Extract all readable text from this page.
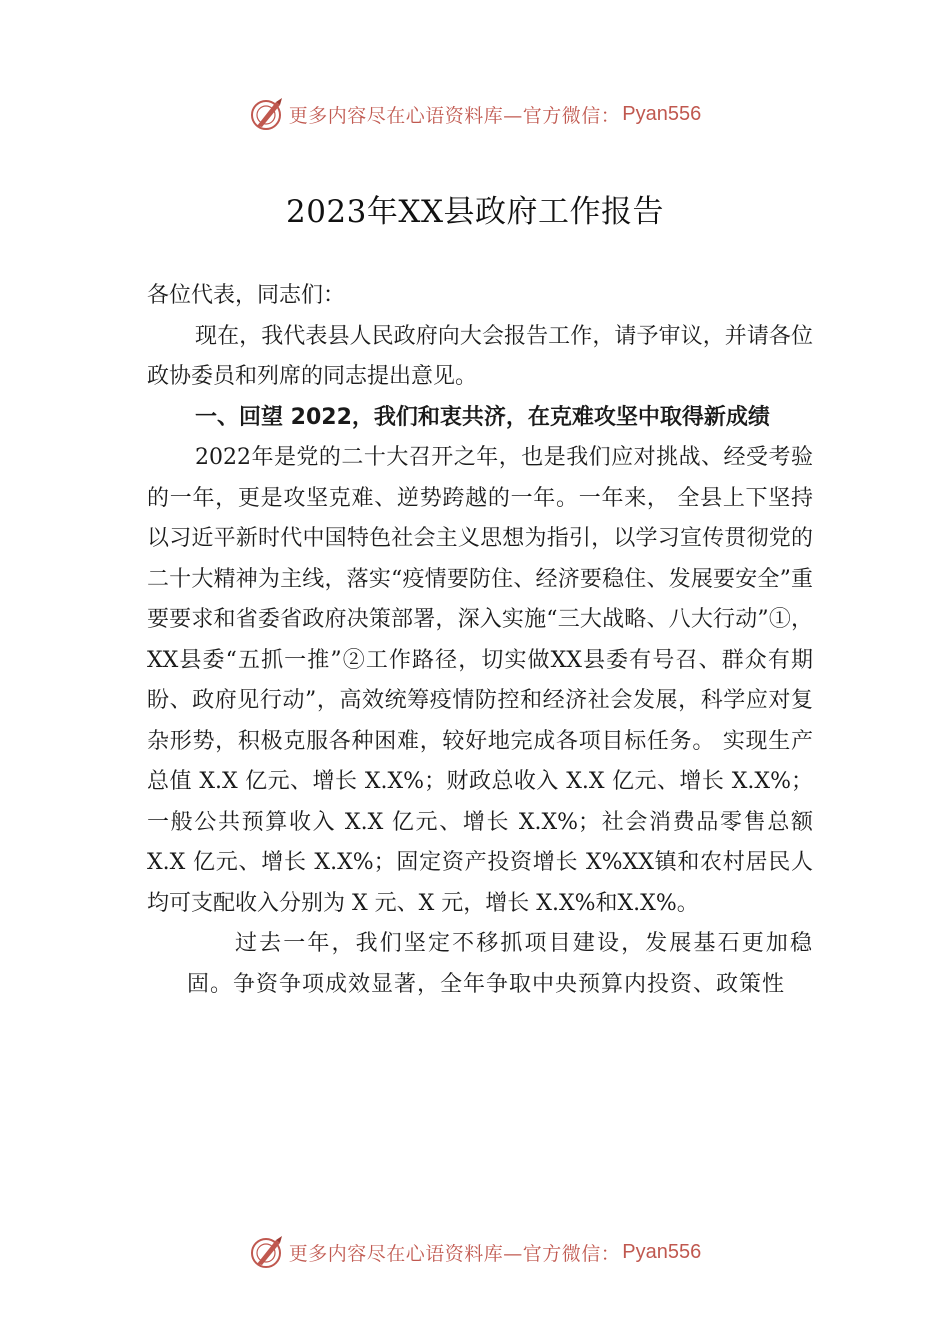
更多内容尽在心语资料库—官方微信： Pyan556
2023年XX县政府工作报告

各位代表，同志们：

现在，我代表县人民政府向大会报告工作，请予审议，并请各位政协委员和列席的同志提出意见。

一、回望 2022，我们和衷共济，在克难攻坚中取得新成绩

2022年是党的二十大召开之年，也是我们应对挑战、经受考验的一年，更是攻坚克难、逆势跨越的一年。一年来， 全县上下坚持以习近平新时代中国特色社会主义思想为指引，以学习宣传贯彻党的二十大精神为主线，落实“疫情要防住、经济要稳住、发展要安全”重要要求和省委省政府决策部署，深入实施“三大战略、八大行动”①，XX县委“五抓一推”②工作路径，切实做XX县委有号召、群众有期盼、政府见行动”，高效统筹疫情防控和经济社会发展，科学应对复杂形势，积极克服各种困难，较好地完成各项目标任务。 实现生产总值 X.X 亿元、增长 X.X%；财政总收入 X.X 亿元、增长 X.X%；一般公共预算收入 X.X 亿元、增长 X.X%；社会消费品零售总额 X.X 亿元、增长 X.X%；固定资产投资增长 X%XX镇和农村居民人均可支配收入分别为 X 元、X 元，增长 X.X%和X.X%。

过去一年，我们坚定不移抓项目建设，发展基石更加稳固。争资争项成效显著，全年争取中央预算内投资、政策性

更多内容尽在心语资料库—官方微信： Pyan556
